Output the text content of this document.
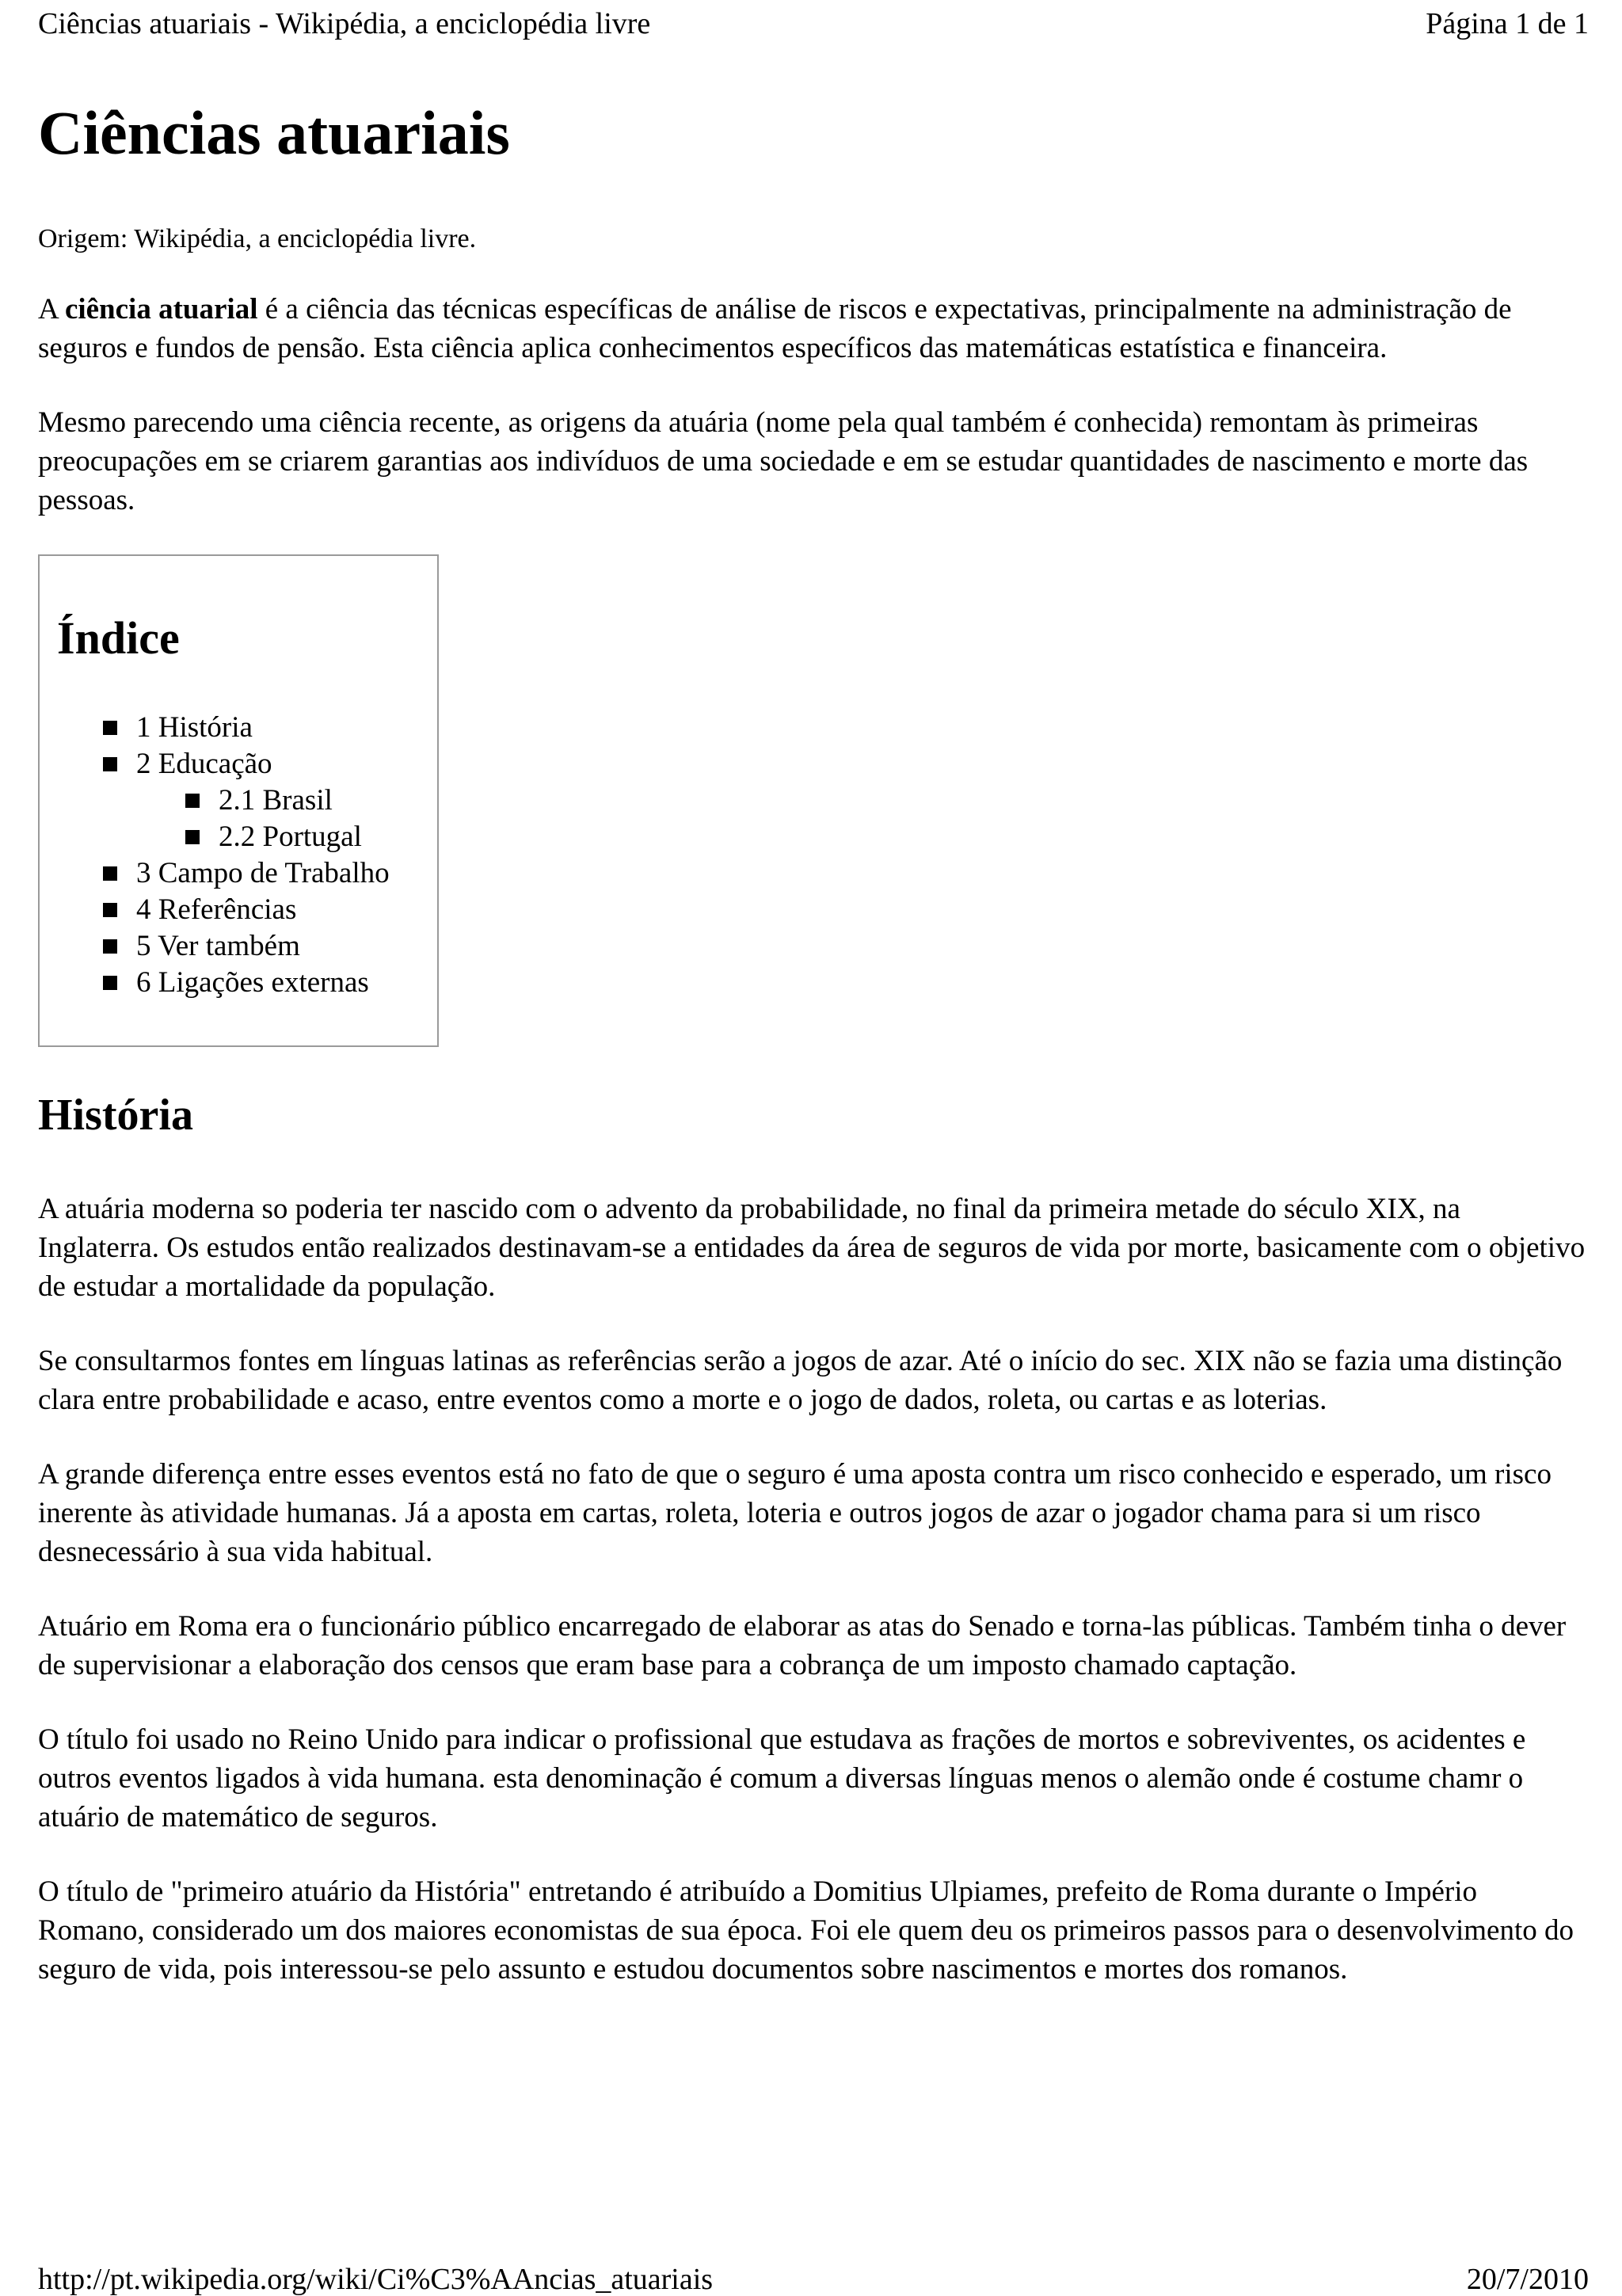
Ciências atuariais - Wikipédia, a enciclopédia livre	Página 1 de 1
Ciências atuariais
Origem: Wikipédia, a enciclopédia livre.

A ciência atuarial é a ciência das técnicas específicas de análise de riscos e expectativas, principalmente na administração de seguros e fundos de pensão. Esta ciência aplica conhecimentos específicos das matemáticas estatística e financeira.

Mesmo parecendo uma ciência recente, as origens da atuária (nome pela qual também é conhecida) remontam às primeiras preocupações em se criarem garantias aos indivíduos de uma sociedade e em se estudar quantidades de nascimento e morte das pessoas.

Índice
1 História
2 Educação
2.1 Brasil
2.2 Portugal
3 Campo de Trabalho
4 Referências
5 Ver também
6 Ligações externas
História

A atuária moderna so poderia ter nascido com o advento da probabilidade, no final da primeira metade do século XIX, na Inglaterra. Os estudos então realizados destinavam-se a entidades da área de seguros de vida por morte, basicamente com o objetivo de estudar a mortalidade da população.

Se consultarmos fontes em línguas latinas as referências serão a jogos de azar. Até o início do sec. XIX não se fazia uma distinção clara entre probabilidade e acaso, entre eventos como a morte e o jogo de dados, roleta, ou cartas e as loterias.

A grande diferença entre esses eventos está no fato de que o seguro é uma aposta contra um risco conhecido e esperado, um risco inerente às atividade humanas. Já a aposta em cartas, roleta, loteria e outros jogos de azar o jogador chama para si um risco desnecessário à sua vida habitual.

Atuário em Roma era o funcionário público encarregado de elaborar as atas do Senado e torna-las públicas. Também tinha o dever de supervisionar a elaboração dos censos que eram base para a cobrança de um imposto chamado captação.

O título foi usado no Reino Unido para indicar o profissional que estudava as frações de mortos e sobreviventes, os acidentes e outros eventos ligados à vida humana. esta denominação é comum a diversas línguas menos o alemão onde é costume chamr o atuário de matemático de seguros.

O título de "primeiro atuário da História" entretando é atribuído a Domitius Ulpiames, prefeito de Roma durante o Império Romano, considerado um dos maiores economistas de sua época. Foi ele quem deu os primeiros passos para o desenvolvimento do seguro de vida, pois interessou-se pelo assunto e estudou documentos sobre nascimentos e mortes dos romanos.

http://pt.wikipedia.org/wiki/Ci%C3%AAncias_atuariais	20/7/2010
